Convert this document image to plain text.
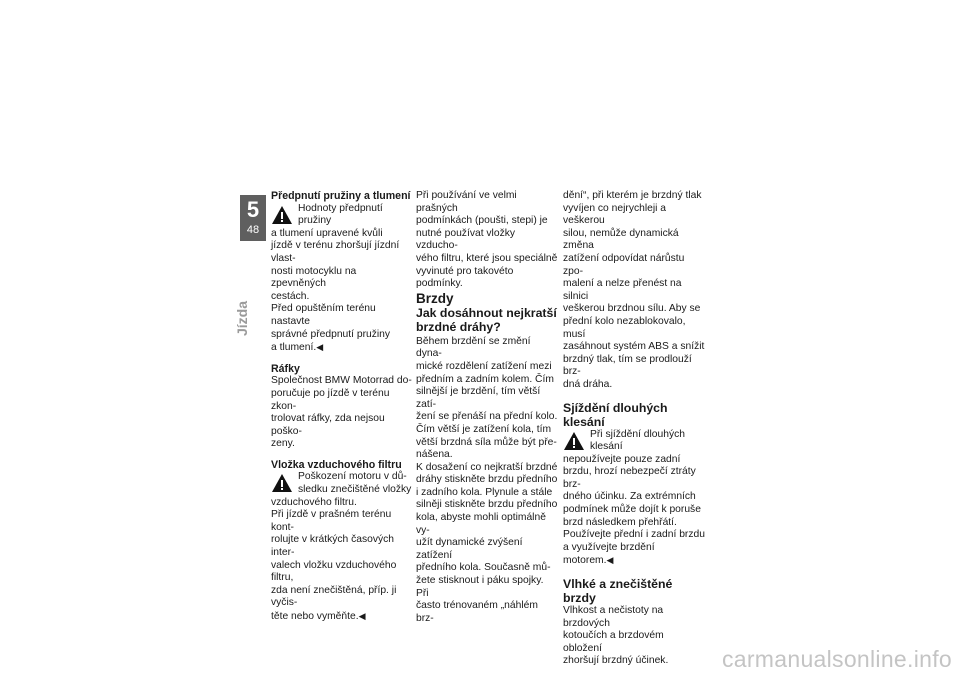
5
48
Jízda

Předpnutí pružiny a tlumení

Hodnoty předpnutí pružiny
a tlumení upravené kvůli
jízdě v terénu zhoršují jízdní vlast-
nosti motocyklu na zpevněných
cestách.
Před opuštěním terénu nastavte
správné předpnutí pružiny
a tlumení.◀

Ráfky

Společnost BMW Motorrad do-
poručuje po jízdě v terénu zkon-
trolovat ráfky, zda nejsou poško-
zeny.

Vložka vzduchového filtru

Poškození motoru v dů-
sledku znečištěné vložky
vzduchového filtru.
Při jízdě v prašném terénu kont-
rolujte v krátkých časových inter-
valech vložku vzduchového filtru,
zda není znečištěná, příp. ji vyčis-
těte nebo vyměňte.◀
Při používání ve velmi prašných
podmínkách (poušti, stepi) je
nutné používat vložky vzducho-
vého filtru, které jsou speciálně
vyvinuté pro takovéto podmínky.

Brzdy

Jak dosáhnout nejkratší
brzdné dráhy?
Během brzdění se změní dyna-
mické rozdělení zatížení mezi
předním a zadním kolem. Čím
silnější je brzdění, tím větší zatí-
žení se přenáší na přední kolo.
Čím větší je zatížení kola, tím
větší brzdná síla může být pře-
nášena.
K dosažení co nejkratší brzdné
dráhy stiskněte brzdu předního
i zadního kola. Plynule a stále
silněji stiskněte brzdu předního
kola, abyste mohli optimálně vy-
užít dynamické zvýšení zatížení
předního kola. Současně mů-
žete stisknout i páku spojky. Při
často trénovaném „náhlém brz-
dění“, při kterém je brzdný tlak
vyvíjen co nejrychleji a veškerou
silou, nemůže dynamická změna
zatížení odpovídat nárůstu zpo-
malení a nelze přenést na silnici
veškerou brzdnou sílu. Aby se
přední kolo nezablokovalo, musí
zasáhnout systém ABS a snížit
brzdný tlak, tím se prodlouží brz-
dná dráha.

Sjíždění dlouhých klesání

Při sjíždění dlouhých klesání
nepoužívejte pouze zadní
brzdu, hrozí nebezpečí ztráty brz-
dného účinku. Za extrémních
podmínek může dojít k poruše
brzd následkem přehřátí.
Používejte přední i zadní brzdu
a využívejte brzdění motorem.◀

Vlhké a znečištěné brzdy

Vlhkost a nečistoty na brzdových
kotoučích a brzdovém obložení
zhoršují brzdný účinek.	carmanualsonline.info
